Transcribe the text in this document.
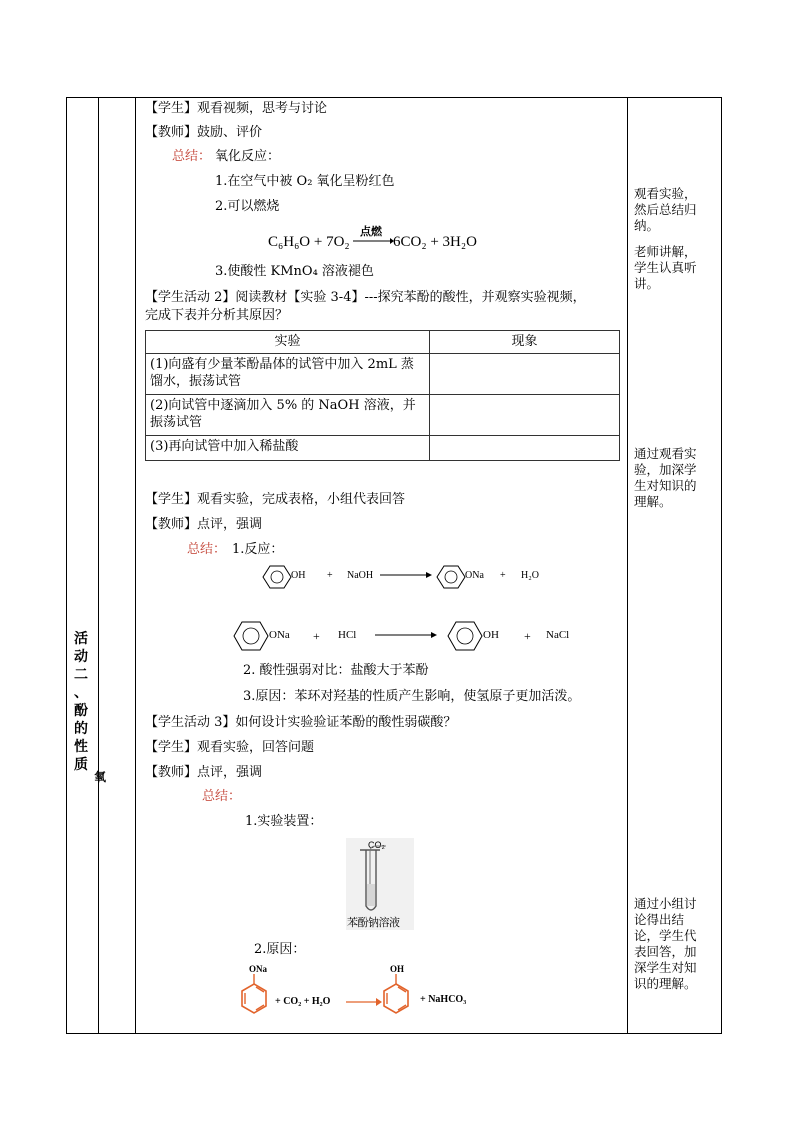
活
动
二
、
酚
的
性
质
氧
【学生】观看视频，思考与讨论
【教师】鼓励、评价
总结： 氧化反应：
1.在空气中被 O₂ 氧化呈粉红色
2.可以燃烧
C₆H₆O + 7O₂
点燃
6CO₂ + 3H₂O
3.使酸性 KMnO₄ 溶液褪色
【学生活动 2】阅读教材【实验 3-4】---探究苯酚的酸性，并观察实验视频，
完成下表并分析其原因？
实验	现象
(1)向盛有少量苯酚晶体的试管中加入 2mL 蒸馏水，振荡试管	
(2)向试管中逐滴加入 5% 的 NaOH 溶液，并振荡试管	
(3)再向试管中加入稀盐酸	
【学生】观看实验，完成表格，小组代表回答
【教师】点评，强调
总结： 1.反应：
OH + NaOH	ONa + H₂O
ONa + HCl	OH + NaCl
2. 酸性强弱对比：盐酸大于苯酚
3.原因：苯环对羟基的性质产生影响，使氢原子更加活泼。
【学生活动 3】如何设计实验验证苯酚的酸性弱碳酸？
【学生】观看实验，回答问题
【教师】点评，强调
总结：
1.实验装置：
CO₂
苯酚钠溶液
2.原因：
ONa
+ CO₂ + H₂O
OH
+ NaHCO₃
观看实验，然后总结归纳。
老师讲解，学生认真听讲。
通过观看实验，加深学生对知识的理解。
通过小组讨论得出结论，学生代表回答，加深学生对知识的理解。
